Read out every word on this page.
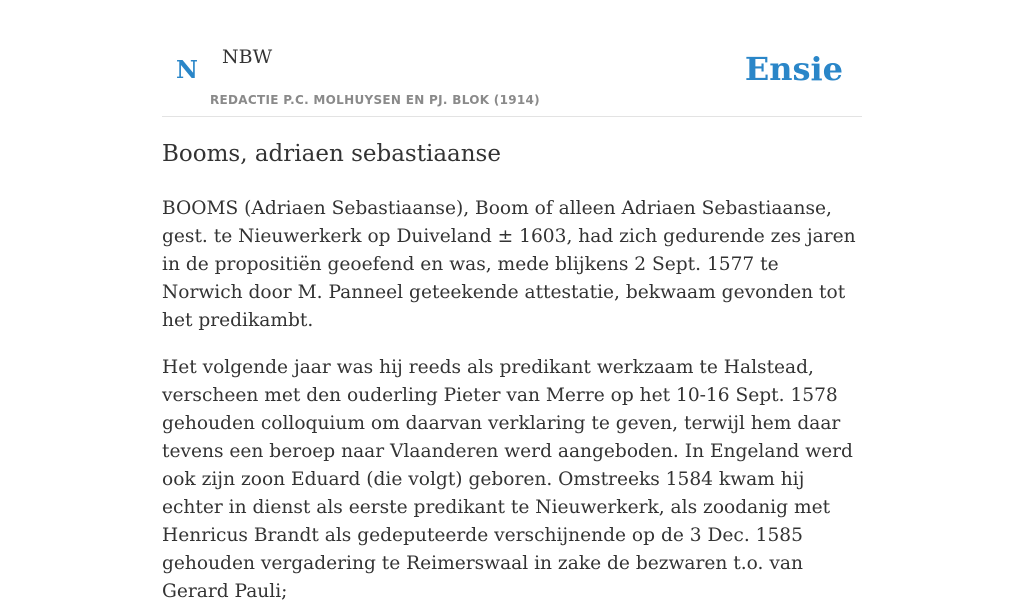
N NBW
REDACTIE P.C. MOLHUYSEN EN PJ. BLOK (1914)
Ensie
Booms, adriaen sebastiaanse

BOOMS (Adriaen Sebastiaanse), Boom of alleen Adriaen Sebastiaanse, gest. te Nieuwerkerk op Duiveland ± 1603, had zich gedurende zes jaren in de propositiën geoefend en was, mede blijkens 2 Sept. 1577 te Norwich door M. Panneel geteekende attestatie, bekwaam gevonden tot het predikambt.

Het volgende jaar was hij reeds als predikant werkzaam te Halstead, verscheen met den ouderling Pieter van Merre op het 10-16 Sept. 1578 gehouden colloquium om daarvan verklaring te geven, terwijl hem daar tevens een beroep naar Vlaanderen werd aangeboden. In Engeland werd ook zijn zoon Eduard (die volgt) geboren. Omstreeks 1584 kwam hij echter in dienst als eerste predikant te Nieuwerkerk, als zoodanig met Henricus Brandt als gedeputeerde verschijnende op de 3 Dec. 1585 gehouden vergadering te Reimerswaal in zake de bezwaren t.o. van Gerard Pauli;
